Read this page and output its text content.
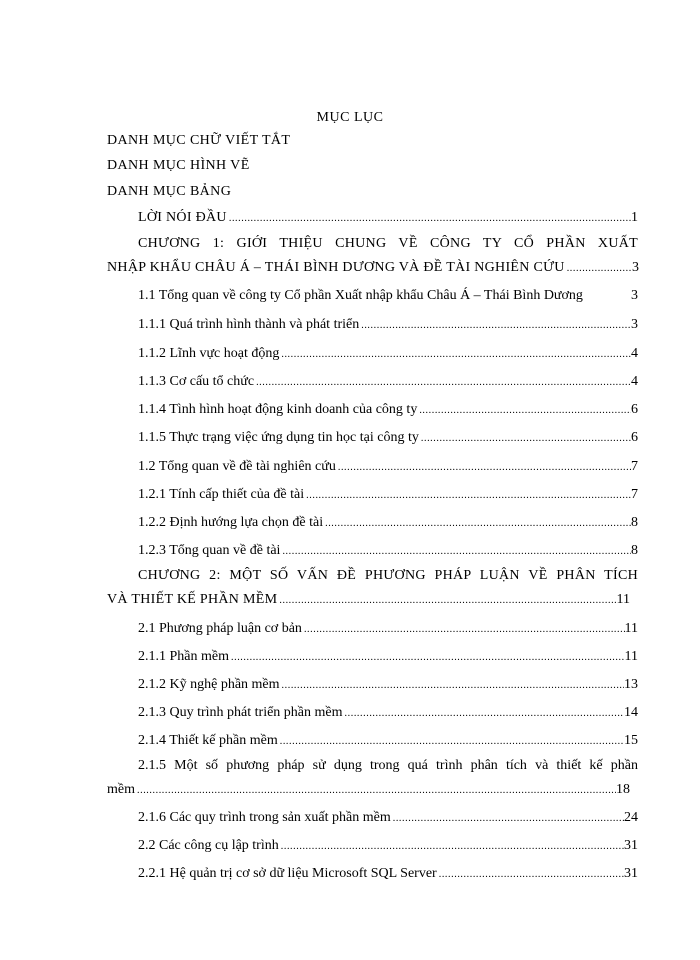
MỤC LỤC
DANH MỤC CHỮ VIẾT TẮT
DANH MỤC HÌNH VẼ
DANH MỤC BẢNG
LỜI NÓI ĐẦU .....	1
CHƯƠNG 1: GIỚI THIỆU CHUNG VỀ CÔNG TY CỔ PHẦN XUẤT
NHẬP KHẨU CHÂU Á – THÁI BÌNH DƯƠNG VÀ ĐỀ TÀI NGHIÊN CỨU .....	3
1.1 Tổng quan về công ty Cổ phần Xuất nhập khẩu Châu Á – Thái Bình Dương	3
1.1.1 Quá trình hình thành và phát triển .....	3
1.1.2 Lĩnh vực hoạt động .....	4
1.1.3 Cơ cấu tổ chức .....	4
1.1.4 Tình hình hoạt động kinh doanh của công ty .....	6
1.1.5 Thực trạng việc ứng dụng tin học tại công ty .....	6
1.2 Tổng quan về đề tài nghiên cứu .....	7
1.2.1 Tính cấp thiết của đề tài .....	7
1.2.2 Định hướng lựa chọn đề tài .....	8
1.2.3 Tổng quan về đề tài .....	8
CHƯƠNG 2: MỘT SỐ VẤN ĐỀ PHƯƠNG PHÁP LUẬN VỀ PHÂN TÍCH
VÀ THIẾT KẾ PHẦN MỀM .....	11
2.1 Phương pháp luận cơ bản .....	11
2.1.1 Phần mềm .....	11
2.1.2 Kỹ nghệ phần mềm .....	13
2.1.3 Quy trình phát triển phần mềm .....	14
2.1.4 Thiết kế phần mềm .....	15
2.1.5 Một số phương pháp sử dụng trong quá trình phân tích và thiết kế phần
mềm .....	18
2.1.6 Các quy trình trong sản xuất phần mềm .....	24
2.2 Các công cụ lập trình .....	31
2.2.1 Hệ quản trị cơ sở dữ liệu Microsoft SQL Server .....	31
